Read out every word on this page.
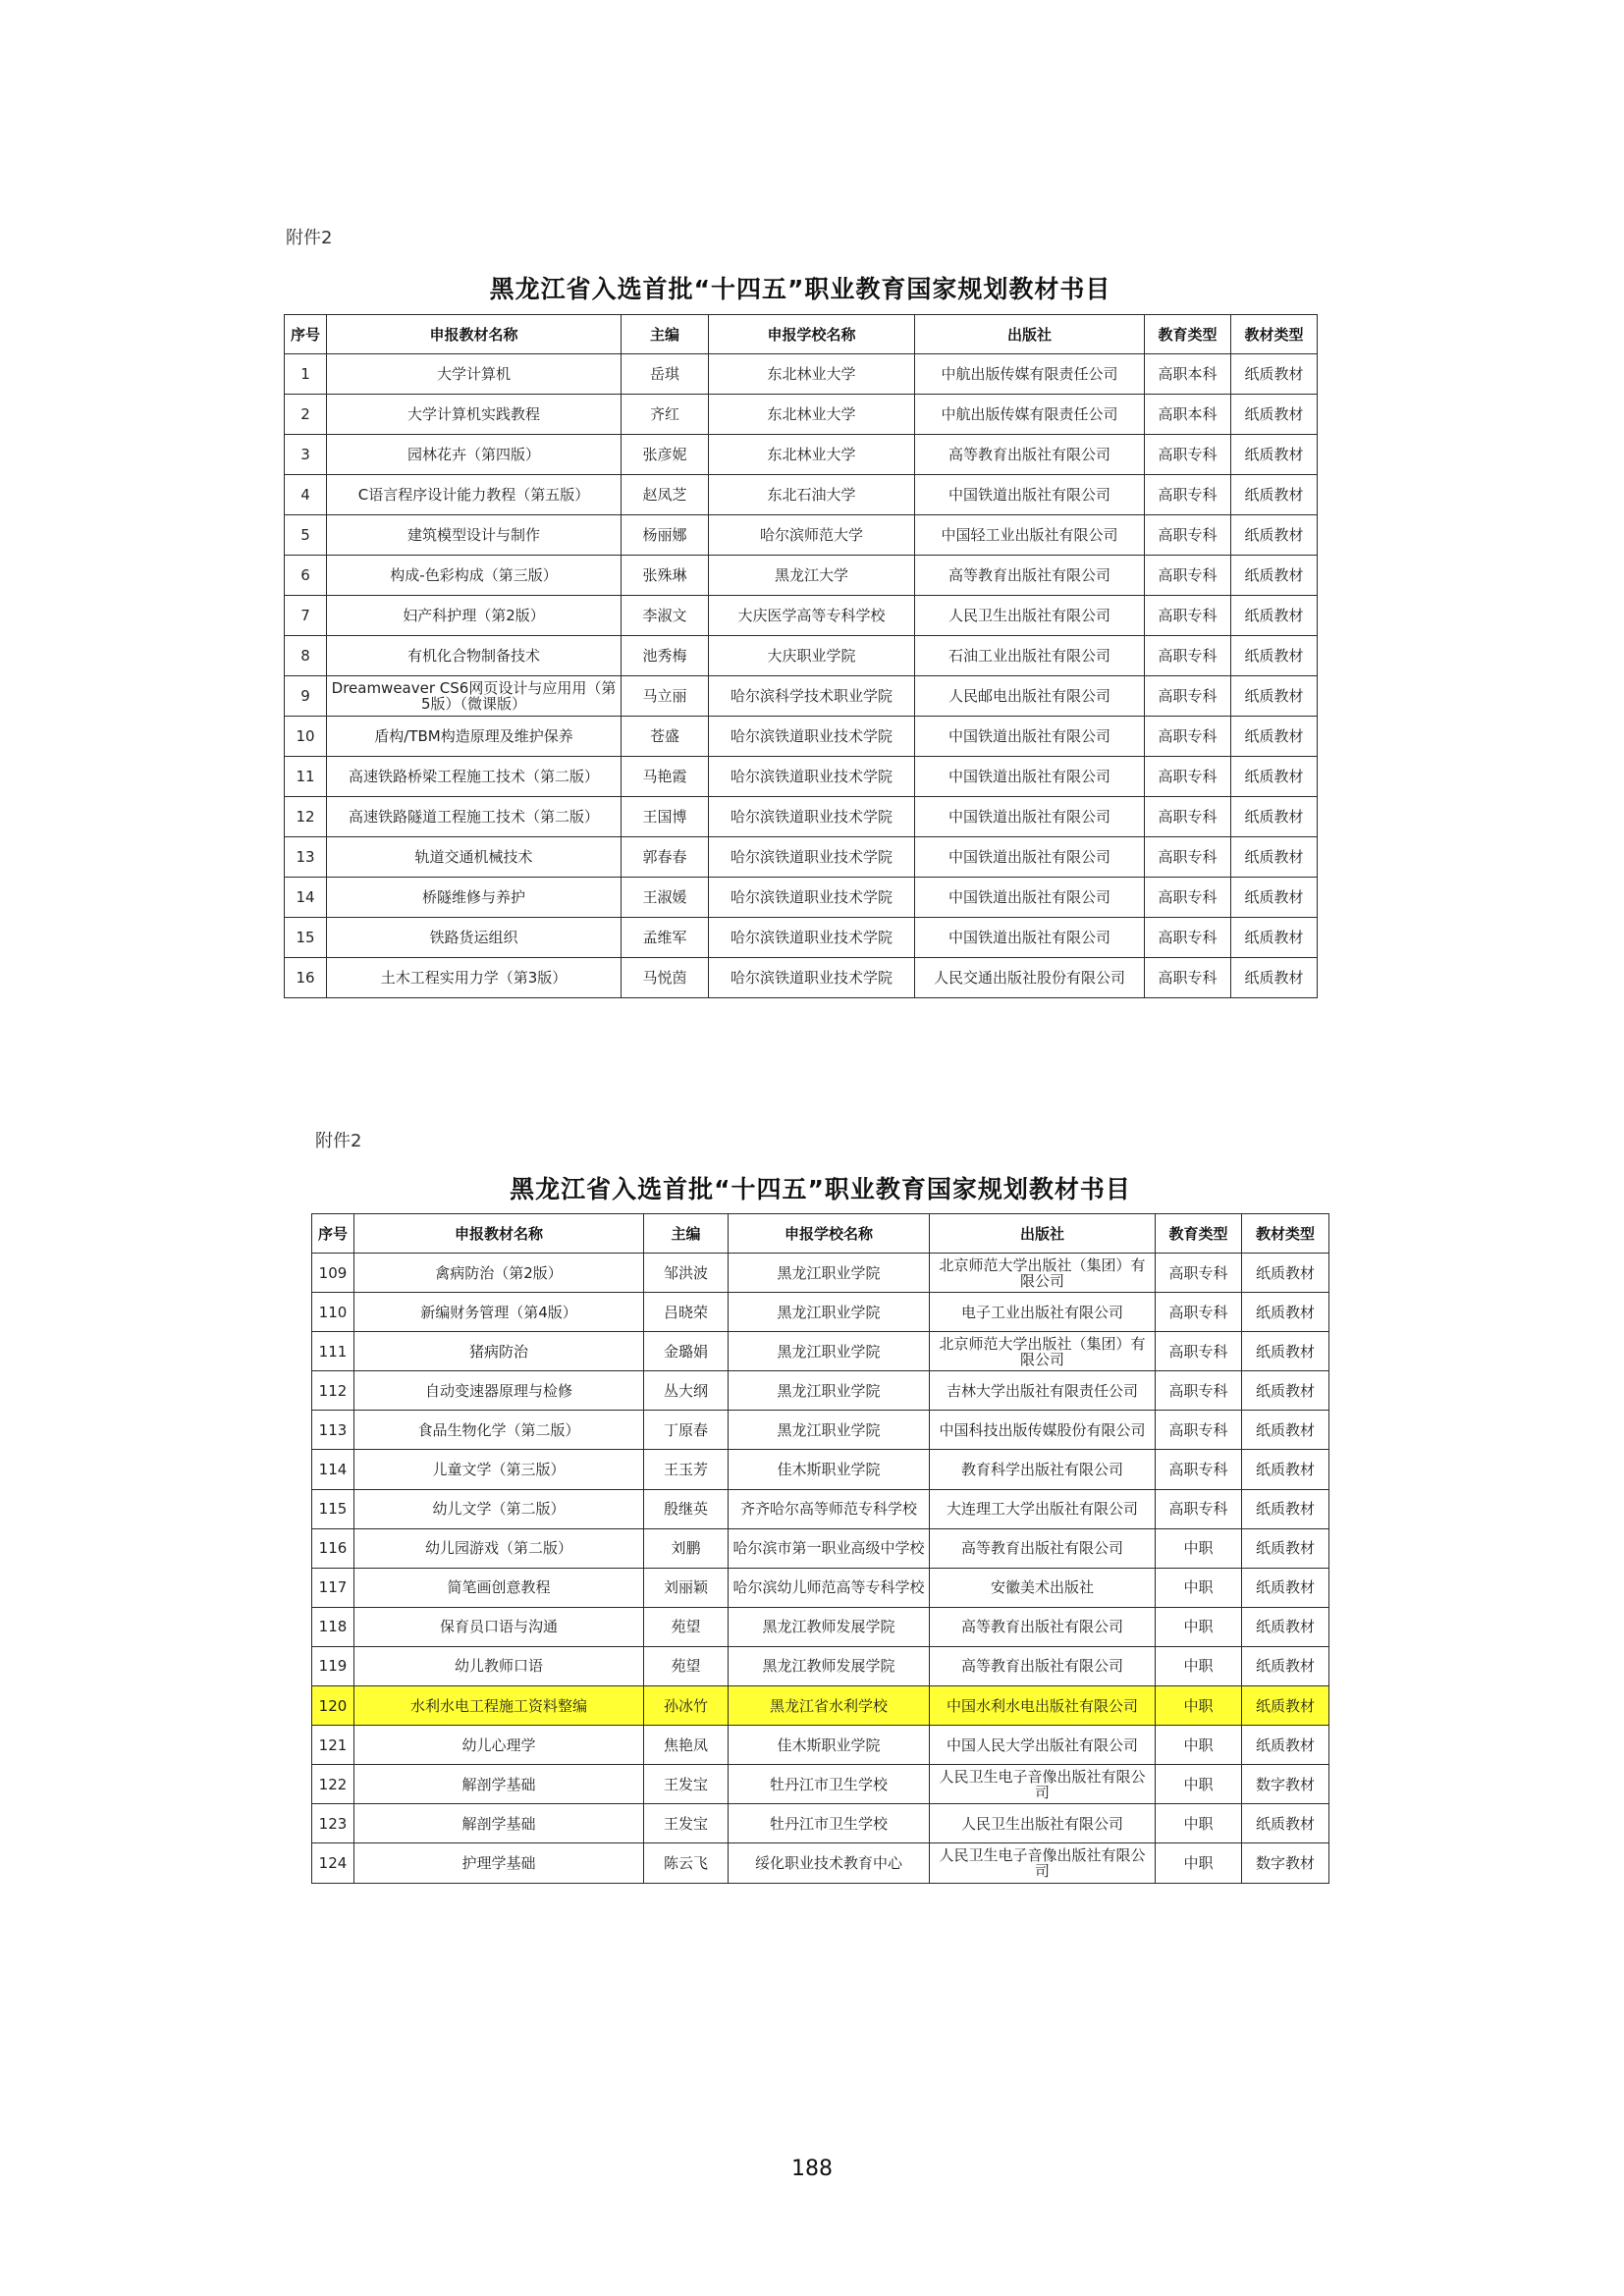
附件2
黑龙江省入选首批“十四五”职业教育国家规划教材书目
序号	申报教材名称	主编	申报学校名称	出版社	教育类型	教材类型
1	大学计算机	岳琪	东北林业大学	中航出版传媒有限责任公司	高职本科	纸质教材
2	大学计算机实践教程	齐红	东北林业大学	中航出版传媒有限责任公司	高职本科	纸质教材
3	园林花卉（第四版）	张彦妮	东北林业大学	高等教育出版社有限公司	高职专科	纸质教材
4	C语言程序设计能力教程（第五版）	赵凤芝	东北石油大学	中国铁道出版社有限公司	高职专科	纸质教材
5	建筑模型设计与制作	杨丽娜	哈尔滨师范大学	中国轻工业出版社有限公司	高职专科	纸质教材
6	构成-色彩构成（第三版）	张殊琳	黑龙江大学	高等教育出版社有限公司	高职专科	纸质教材
7	妇产科护理（第2版）	李淑文	大庆医学高等专科学校	人民卫生出版社有限公司	高职专科	纸质教材
8	有机化合物制备技术	池秀梅	大庆职业学院	石油工业出版社有限公司	高职专科	纸质教材
9	Dreamweaver CS6网页设计与应用用（第5版）（微课版）	马立丽	哈尔滨科学技术职业学院	人民邮电出版社有限公司	高职专科	纸质教材
10	盾构/TBM构造原理及维护保养	苍盛	哈尔滨铁道职业技术学院	中国铁道出版社有限公司	高职专科	纸质教材
11	高速铁路桥梁工程施工技术（第二版）	马艳霞	哈尔滨铁道职业技术学院	中国铁道出版社有限公司	高职专科	纸质教材
12	高速铁路隧道工程施工技术（第二版）	王国博	哈尔滨铁道职业技术学院	中国铁道出版社有限公司	高职专科	纸质教材
13	轨道交通机械技术	郭春春	哈尔滨铁道职业技术学院	中国铁道出版社有限公司	高职专科	纸质教材
14	桥隧维修与养护	王淑媛	哈尔滨铁道职业技术学院	中国铁道出版社有限公司	高职专科	纸质教材
15	铁路货运组织	孟维军	哈尔滨铁道职业技术学院	中国铁道出版社有限公司	高职专科	纸质教材
16	土木工程实用力学（第3版）	马悦茵	哈尔滨铁道职业技术学院	人民交通出版社股份有限公司	高职专科	纸质教材
附件2
黑龙江省入选首批“十四五”职业教育国家规划教材书目
序号	申报教材名称	主编	申报学校名称	出版社	教育类型	教材类型
109	禽病防治（第2版）	邹洪波	黑龙江职业学院	北京师范大学出版社（集团）有限公司	高职专科	纸质教材
110	新编财务管理（第4版）	吕晓荣	黑龙江职业学院	电子工业出版社有限公司	高职专科	纸质教材
111	猪病防治	金璐娟	黑龙江职业学院	北京师范大学出版社（集团）有限公司	高职专科	纸质教材
112	自动变速器原理与检修	丛大纲	黑龙江职业学院	吉林大学出版社有限责任公司	高职专科	纸质教材
113	食品生物化学（第二版）	丁原春	黑龙江职业学院	中国科技出版传媒股份有限公司	高职专科	纸质教材
114	儿童文学（第三版）	王玉芳	佳木斯职业学院	教育科学出版社有限公司	高职专科	纸质教材
115	幼儿文学（第二版）	殷继英	齐齐哈尔高等师范专科学校	大连理工大学出版社有限公司	高职专科	纸质教材
116	幼儿园游戏（第二版）	刘鹏	哈尔滨市第一职业高级中学校	高等教育出版社有限公司	中职	纸质教材
117	简笔画创意教程	刘丽颖	哈尔滨幼儿师范高等专科学校	安徽美术出版社	中职	纸质教材
118	保育员口语与沟通	苑望	黑龙江教师发展学院	高等教育出版社有限公司	中职	纸质教材
119	幼儿教师口语	苑望	黑龙江教师发展学院	高等教育出版社有限公司	中职	纸质教材
120	水利水电工程施工资料整编	孙冰竹	黑龙江省水利学校	中国水利水电出版社有限公司	中职	纸质教材
121	幼儿心理学	焦艳凤	佳木斯职业学院	中国人民大学出版社有限公司	中职	纸质教材
122	解剖学基础	王发宝	牡丹江市卫生学校	人民卫生电子音像出版社有限公司	中职	数字教材
123	解剖学基础	王发宝	牡丹江市卫生学校	人民卫生出版社有限公司	中职	纸质教材
124	护理学基础	陈云飞	绥化职业技术教育中心	人民卫生电子音像出版社有限公司	中职	数字教材
188
